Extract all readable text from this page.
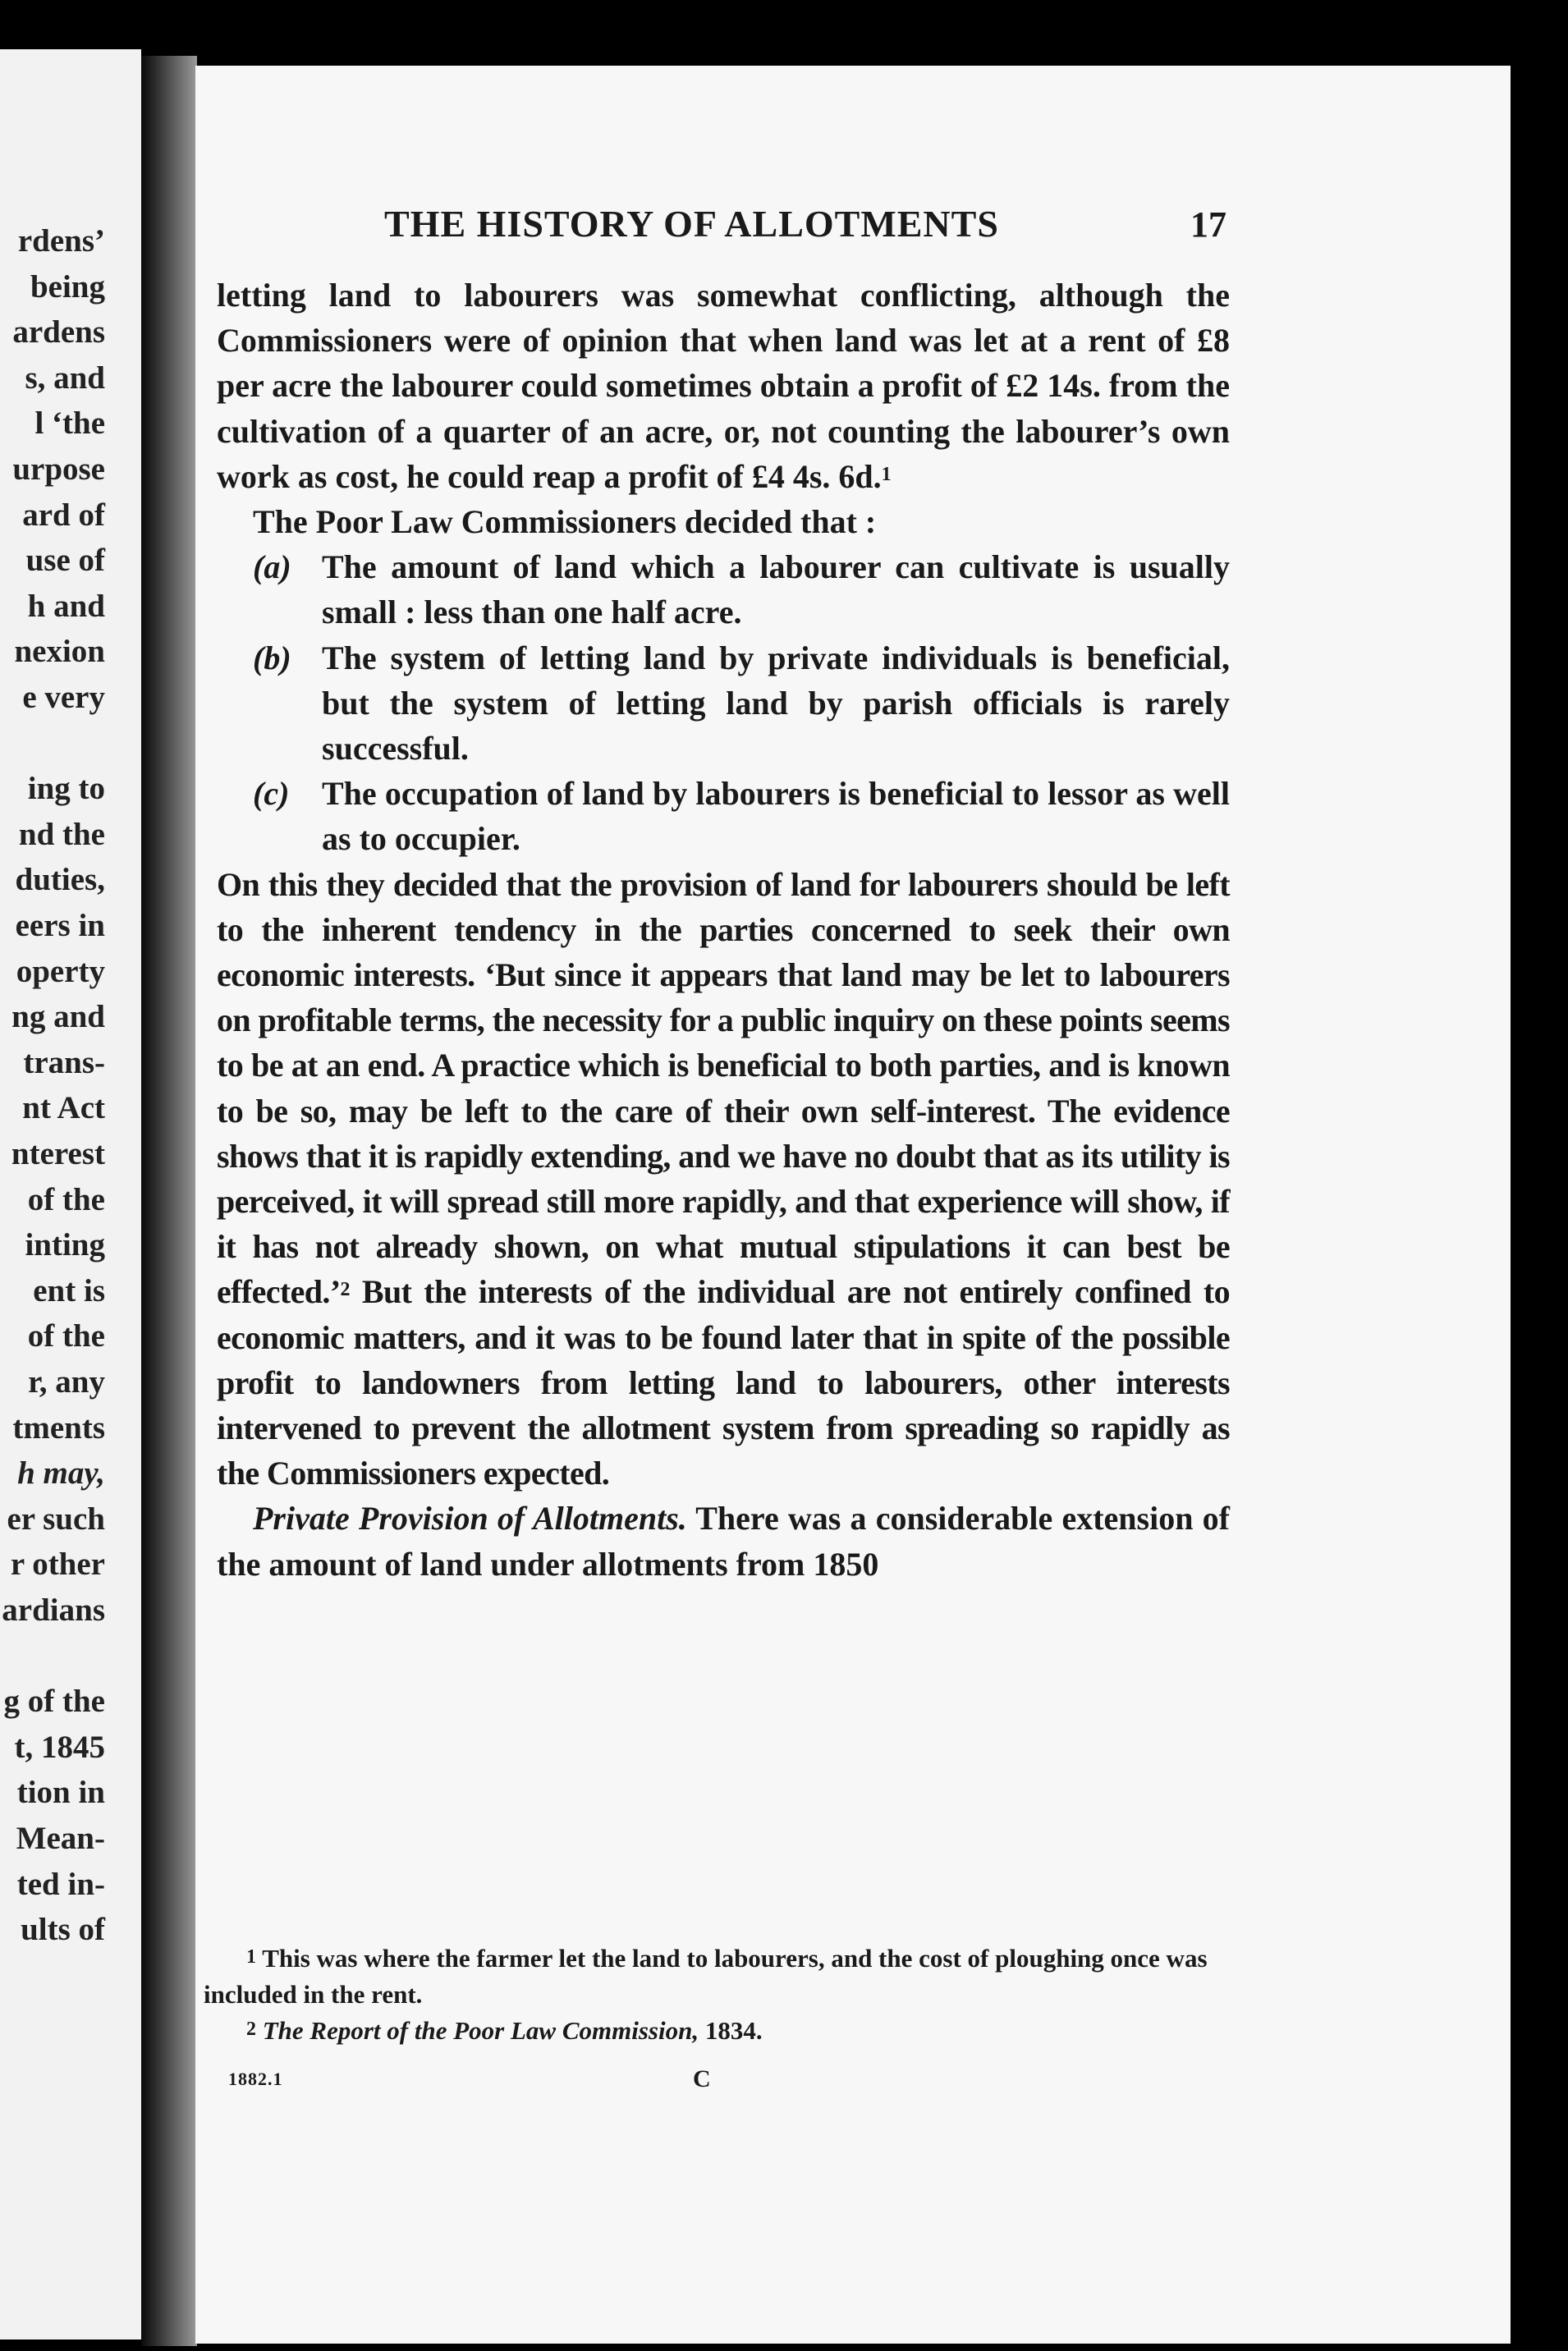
rdens’
being
ardens
s, and
l ‘the
urpose
ard of
use of
h and
nexion
e very
ing to
nd the
duties,
eers in
operty
ng and
trans-
nt Act
nterest
of the
inting
ent is
of the
r, any
tments
h may,
er such
r other
ardians
g of the
t, 1845
tion in
Mean-
ted in-
ults of
THE HISTORY OF ALLOTMENTS	17

letting land to labourers was somewhat conflicting, although the Commissioners were of opinion that when land was let at a rent of £8 per acre the labourer could sometimes obtain a profit of £2 14s. from the cultivation of a quarter of an acre, or, not counting the labourer’s own work as cost, he could reap a profit of £4 4s. 6d.$^1$

The Poor Law Commissioners decided that :

(a) The amount of land which a labourer can cultivate is usually small : less than one half acre.

(b) The system of letting land by private individuals is beneficial, but the system of letting land by parish officials is rarely successful.

(c) The occupation of land by labourers is beneficial to lessor as well as to occupier.

On this they decided that the provision of land for labourers should be left to the inherent tendency in the parties concerned to seek their own economic interests. ‘But since it appears that land may be let to labourers on profitable terms, the necessity for a public inquiry on these points seems to be at an end. A practice which is beneficial to both parties, and is known to be so, may be left to the care of their own self-interest. The evidence shows that it is rapidly extending, and we have no doubt that as its utility is perceived, it will spread still more rapidly, and that experience will show, if it has not already shown, on what mutual stipulations it can best be effected.’$^2$ But the interests of the individual are not entirely confined to economic matters, and it was to be found later that in spite of the possible profit to landowners from letting land to labourers, other interests intervened to prevent the allotment system from spreading so rapidly as the Commissioners expected.

Private Provision of Allotments. There was a considerable extension of the amount of land under allotments from 1850

$^1$ This was where the farmer let the land to labourers, and the cost of ploughing once was included in the rent.

$^2$ The Report of the Poor Law Commission, 1834.

1882.1	C
